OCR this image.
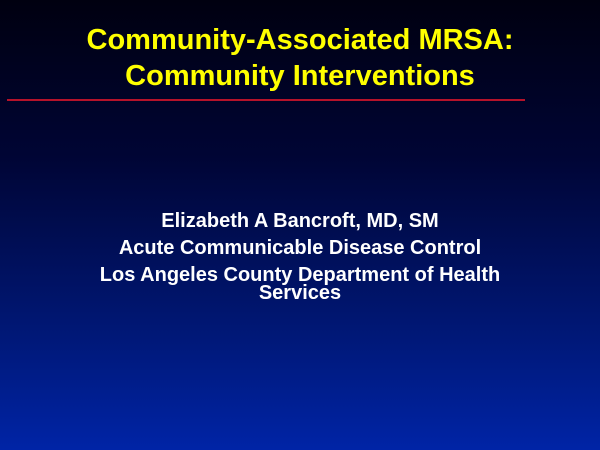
Community-Associated MRSA:
Community Interventions
Elizabeth A Bancroft, MD, SM
Acute Communicable Disease Control
Los Angeles County Department of Health Services
